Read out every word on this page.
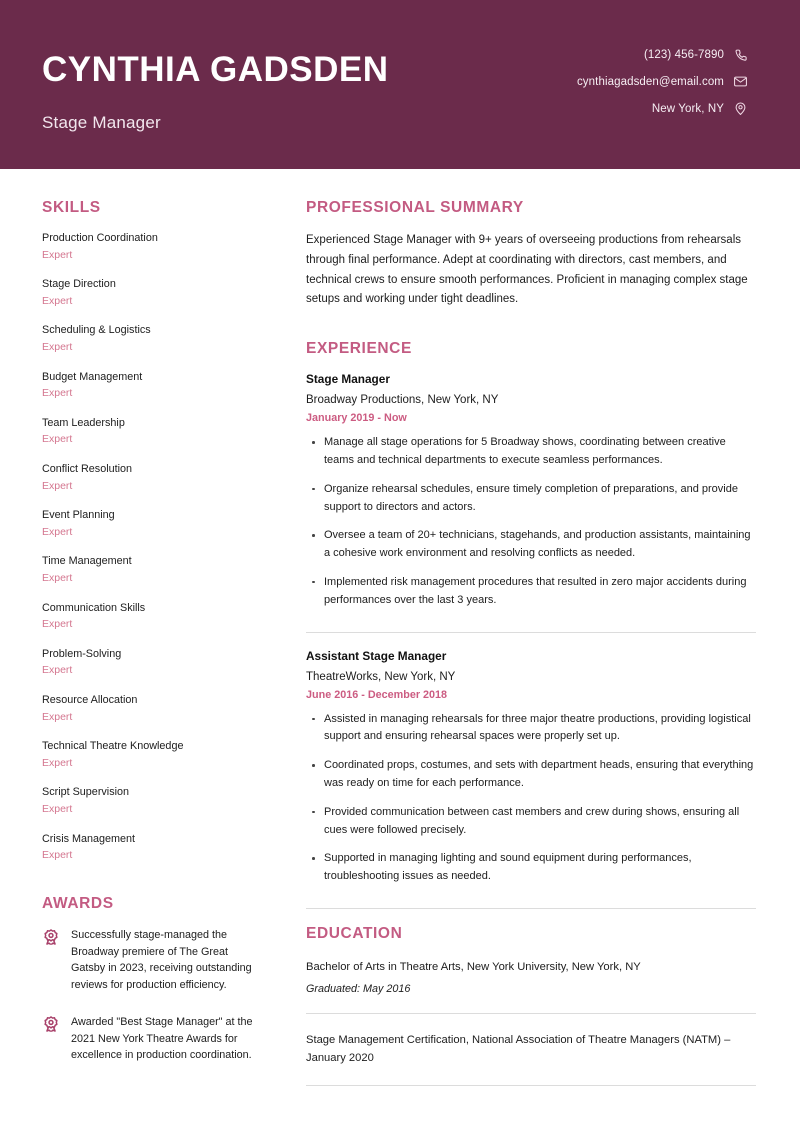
CYNTHIA GADSDEN
Stage Manager
(123) 456-7890
cynthiagadsden@email.com
New York, NY
SKILLS
Production Coordination
Expert
Stage Direction
Expert
Scheduling & Logistics
Expert
Budget Management
Expert
Team Leadership
Expert
Conflict Resolution
Expert
Event Planning
Expert
Time Management
Expert
Communication Skills
Expert
Problem-Solving
Expert
Resource Allocation
Expert
Technical Theatre Knowledge
Expert
Script Supervision
Expert
Crisis Management
Expert
AWARDS
Successfully stage-managed the Broadway premiere of The Great Gatsby in 2023, receiving outstanding reviews for production efficiency.
Awarded "Best Stage Manager" at the 2021 New York Theatre Awards for excellence in production coordination.
PROFESSIONAL SUMMARY
Experienced Stage Manager with 9+ years of overseeing productions from rehearsals through final performance. Adept at coordinating with directors, cast members, and technical crews to ensure smooth performances. Proficient in managing complex stage setups and working under tight deadlines.
EXPERIENCE
Stage Manager
Broadway Productions, New York, NY
January 2019 - Now
Manage all stage operations for 5 Broadway shows, coordinating between creative teams and technical departments to execute seamless performances.
Organize rehearsal schedules, ensure timely completion of preparations, and provide support to directors and actors.
Oversee a team of 20+ technicians, stagehands, and production assistants, maintaining a cohesive work environment and resolving conflicts as needed.
Implemented risk management procedures that resulted in zero major accidents during performances over the last 3 years.
Assistant Stage Manager
TheatreWorks, New York, NY
June 2016 - December 2018
Assisted in managing rehearsals for three major theatre productions, providing logistical support and ensuring rehearsal spaces were properly set up.
Coordinated props, costumes, and sets with department heads, ensuring that everything was ready on time for each performance.
Provided communication between cast members and crew during shows, ensuring all cues were followed precisely.
Supported in managing lighting and sound equipment during performances, troubleshooting issues as needed.
EDUCATION
Bachelor of Arts in Theatre Arts, New York University, New York, NY
Graduated: May 2016
Stage Management Certification, National Association of Theatre Managers (NATM) – January 2020
